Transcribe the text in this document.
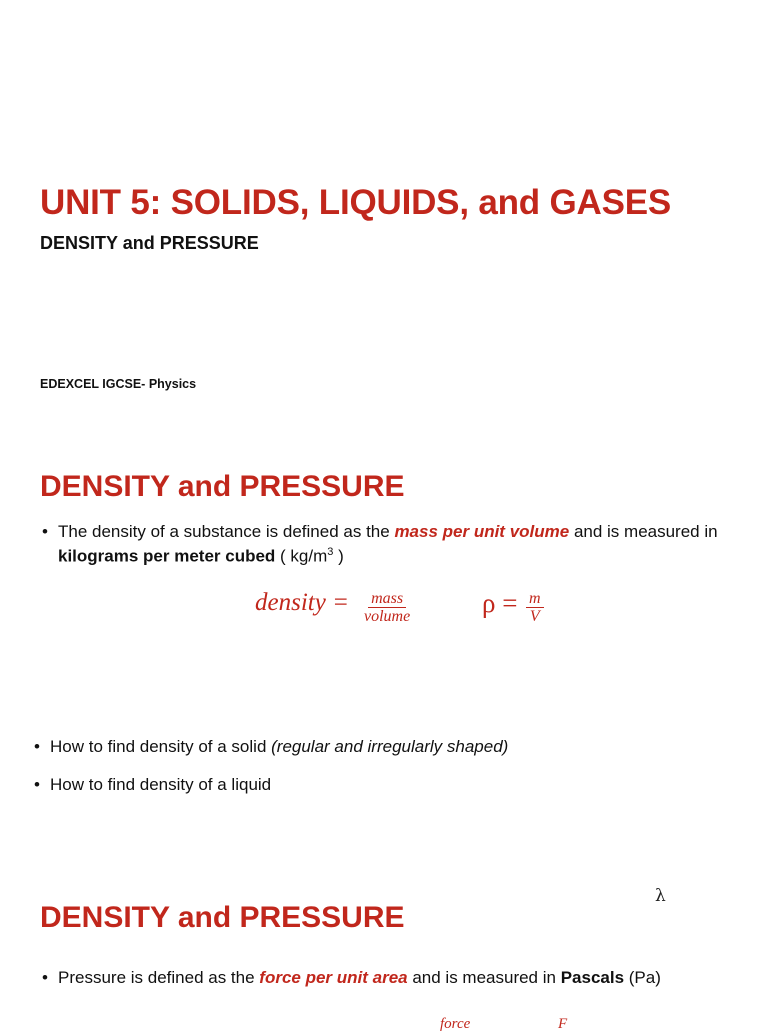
UNIT 5: SOLIDS, LIQUIDS, and GASES
DENSITY and PRESSURE
EDEXCEL IGCSE- Physics
DENSITY and PRESSURE
• The density of a substance is defined as the mass per unit volume and is measured in kilograms per meter cubed ( $kg/m^3$ )
density = mass
volume	$\rho = \frac{m}{V}$
• How to find density of a solid (regular and irregularly shaped)
• How to find density of a liquid
λ
DENSITY and PRESSURE
• Pressure is defined as the force per unit area and is measured in Pascals (Pa)
force	F
